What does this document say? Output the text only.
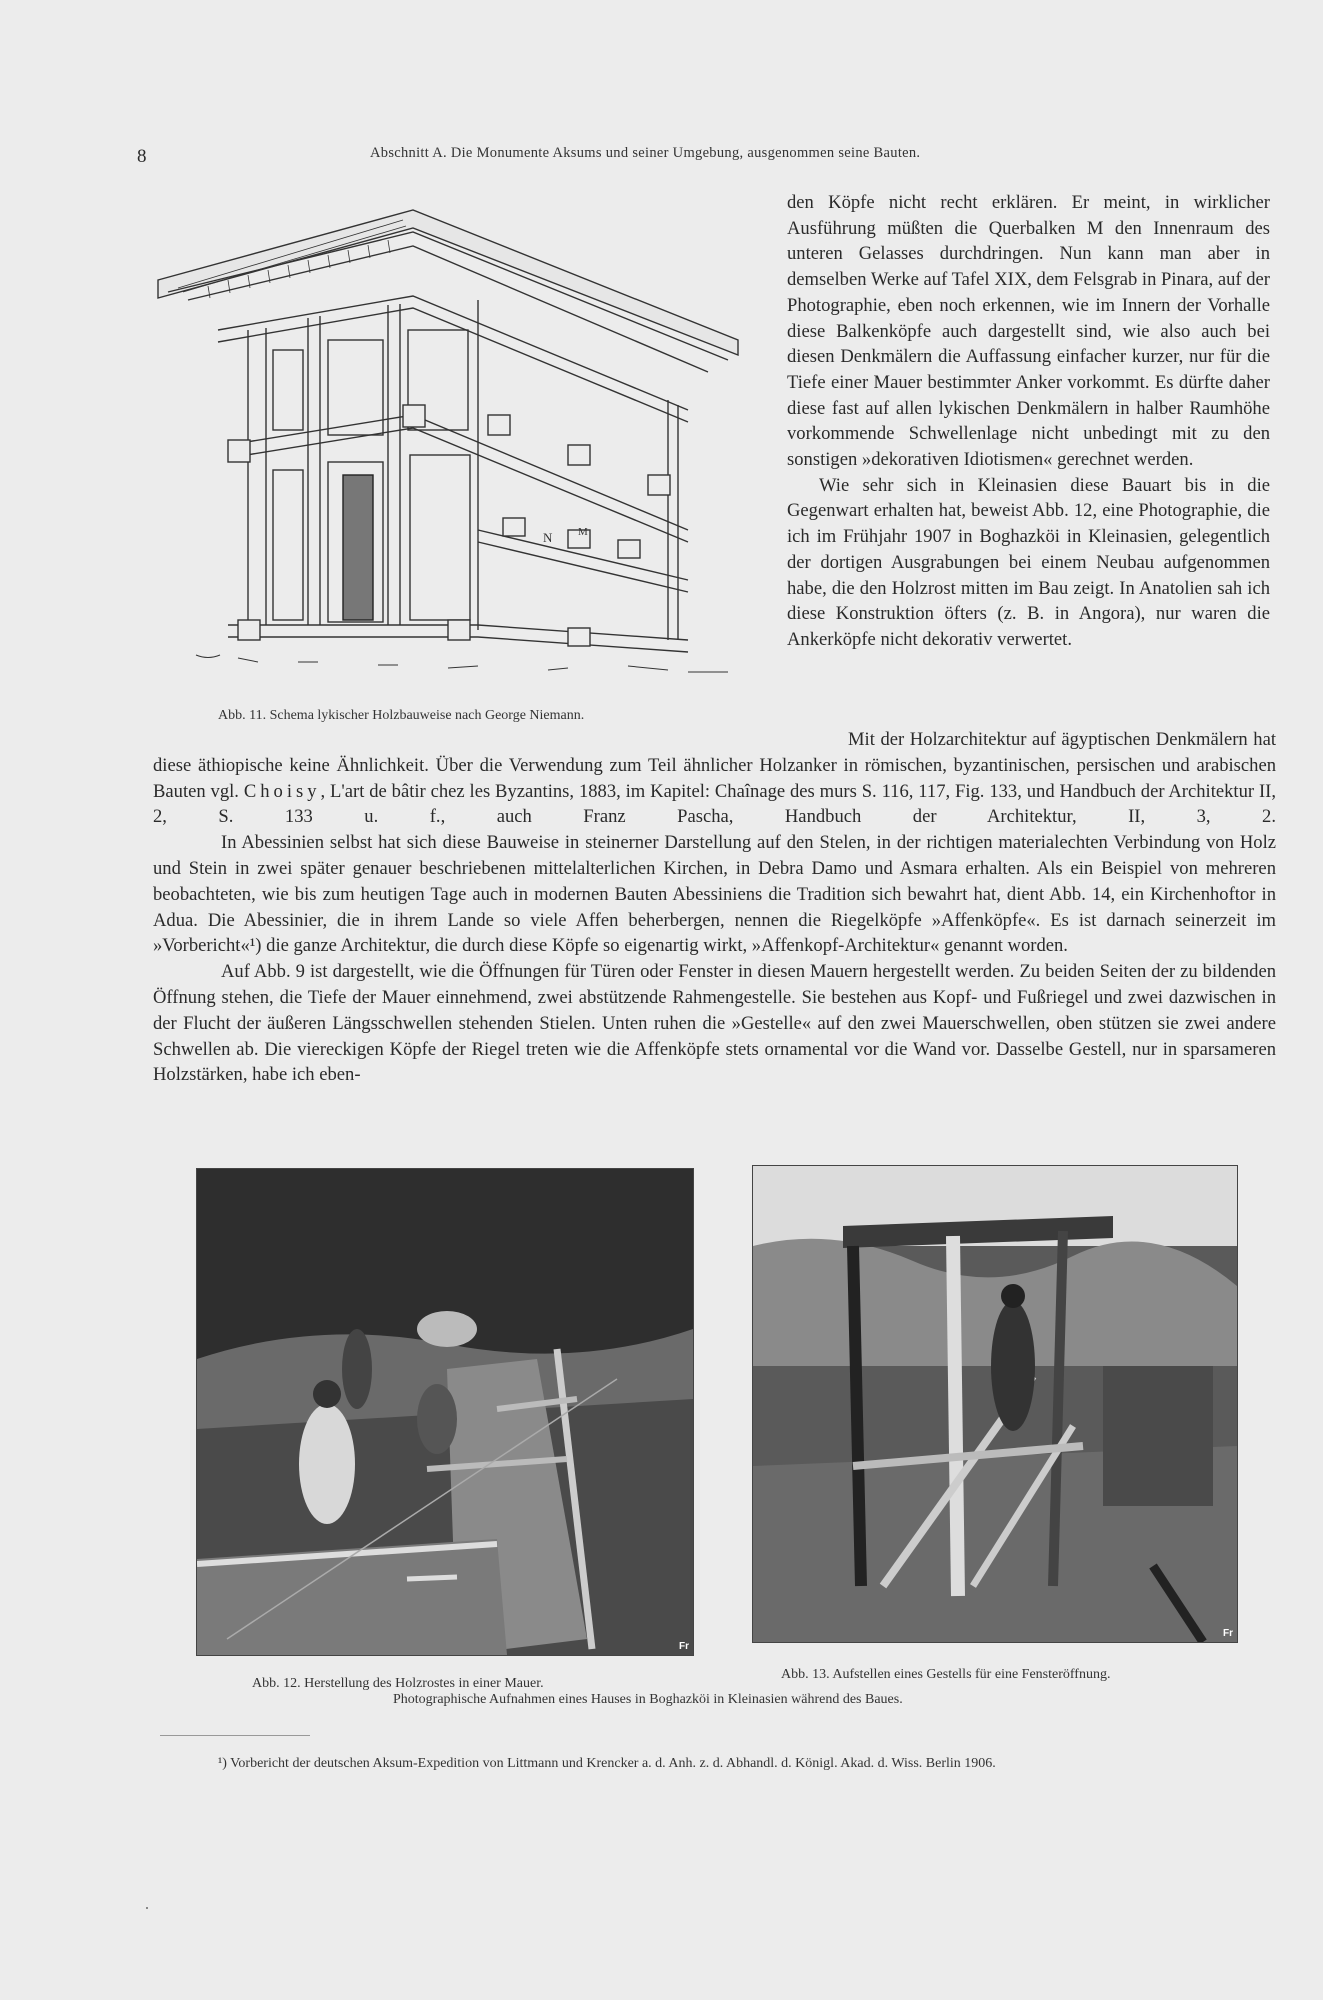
8	Abschnitt A. Die Monumente Aksums und seiner Umgebung, ausgenommen seine Bauten.
N M
Abb. 11. Schema lykischer Holzbauweise nach George Niemann.

den Köpfe nicht recht erklären. Er meint, in wirklicher Ausführung müßten die Querbalken M den Innenraum des unteren Gelasses durchdringen. Nun kann man aber in demselben Werke auf Tafel XIX, dem Felsgrab in Pinara, auf der Photographie, eben noch erkennen, wie im Innern der Vorhalle diese Balkenköpfe auch dargestellt sind, wie also auch bei diesen Denkmälern die Auffassung einfacher kurzer, nur für die Tiefe einer Mauer bestimmter Anker vorkommt. Es dürfte daher diese fast auf allen lykischen Denkmälern in halber Raumhöhe vorkommende Schwellenlage nicht unbedingt mit zu den sonstigen »dekorativen Idiotismen« gerechnet werden.

Wie sehr sich in Kleinasien diese Bauart bis in die Gegenwart erhalten hat, beweist Abb. 12, eine Photographie, die ich im Frühjahr 1907 in Boghazköi in Kleinasien, gelegentlich der dortigen Ausgrabungen bei einem Neubau aufgenommen habe, die den Holzrost mitten im Bau zeigt. In Anatolien sah ich diese Konstruktion öfters (z. B. in Angora), nur waren die Ankerköpfe nicht dekorativ verwertet.

Mit der Holzarchitektur auf ägyptischen Denkmälern hat diese äthiopische keine Ähnlichkeit. Über die Verwendung zum Teil ähnlicher Holzanker in römischen, byzantinischen, persischen und arabischen Bauten vgl. Choisy, L'art de bâtir chez les Byzantins, 1883, im Kapitel: Chaînage des murs S. 116, 117, Fig. 133, und Handbuch der Architektur II, 2, S. 133 u. f., auch Franz Pascha, Handbuch der Architektur, II, 3, 2.

In Abessinien selbst hat sich diese Bauweise in steinerner Darstellung auf den Stelen, in der richtigen materialechten Verbindung von Holz und Stein in zwei später genauer beschriebenen mittelalterlichen Kirchen, in Debra Damo und Asmara erhalten. Als ein Beispiel von mehreren beobachteten, wie bis zum heutigen Tage auch in modernen Bauten Abessiniens die Tradition sich bewahrt hat, dient Abb. 14, ein Kirchenhoftor in Adua. Die Abessinier, die in ihrem Lande so viele Affen beherbergen, nennen die Riegelköpfe »Affenköpfe«. Es ist darnach seinerzeit im »Vorbericht«¹) die ganze Architektur, die durch diese Köpfe so eigenartig wirkt, »Affenkopf-Architektur« genannt worden.

Auf Abb. 9 ist dargestellt, wie die Öffnungen für Türen oder Fenster in diesen Mauern hergestellt werden. Zu beiden Seiten der zu bildenden Öffnung stehen, die Tiefe der Mauer einnehmend, zwei abstützende Rahmengestelle. Sie bestehen aus Kopf- und Fußriegel und zwei dazwischen in der Flucht der äußeren Längsschwellen stehenden Stielen. Unten ruhen die »Gestelle« auf den zwei Mauerschwellen, oben stützen sie zwei andere Schwellen ab. Die viereckigen Köpfe der Riegel treten wie die Affenköpfe stets ornamental vor die Wand vor. Dasselbe Gestell, nur in sparsameren Holzstärken, habe ich eben-

Fr
Fr
Abb. 12. Herstellung des Holzrostes in einer Mauer.
Abb. 13. Aufstellen eines Gestells für eine Fensteröffnung.
Photographische Aufnahmen eines Hauses in Boghazköi in Kleinasien während des Baues.
¹) Vorbericht der deutschen Aksum-Expedition von Littmann und Krencker a. d. Anh. z. d. Abhandl. d. Königl. Akad. d. Wiss. Berlin 1906.
